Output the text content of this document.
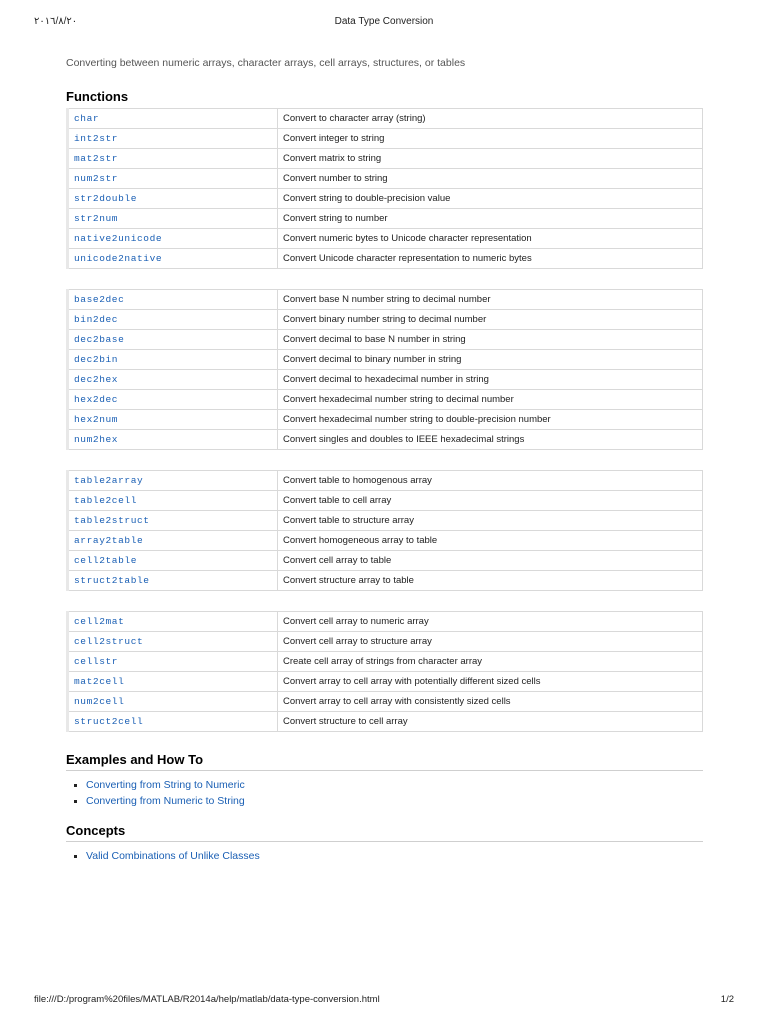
٢٠١٦/٨/٢٠	Data Type Conversion

Converting between numeric arrays, character arrays, cell arrays, structures, or tables

Functions
char	Convert to character array (string)
int2str	Convert integer to string
mat2str	Convert matrix to string
num2str	Convert number to string
str2double	Convert string to double-precision value
str2num	Convert string to number
native2unicode	Convert numeric bytes to Unicode character representation
unicode2native	Convert Unicode character representation to numeric bytes
base2dec	Convert base N number string to decimal number
bin2dec	Convert binary number string to decimal number
dec2base	Convert decimal to base N number in string
dec2bin	Convert decimal to binary number in string
dec2hex	Convert decimal to hexadecimal number in string
hex2dec	Convert hexadecimal number string to decimal number
hex2num	Convert hexadecimal number string to double-precision number
num2hex	Convert singles and doubles to IEEE hexadecimal strings
table2array	Convert table to homogenous array
table2cell	Convert table to cell array
table2struct	Convert table to structure array
array2table	Convert homogeneous array to table
cell2table	Convert cell array to table
struct2table	Convert structure array to table
cell2mat	Convert cell array to numeric array
cell2struct	Convert cell array to structure array
cellstr	Create cell array of strings from character array
mat2cell	Convert array to cell array with potentially different sized cells
num2cell	Convert array to cell array with consistently sized cells
struct2cell	Convert structure to cell array
Examples and How To
Converting from String to Numeric
Converting from Numeric to String
Concepts
Valid Combinations of Unlike Classes
file:///D:/program%20files/MATLAB/R2014a/help/matlab/data-type-conversion.html	1/2
